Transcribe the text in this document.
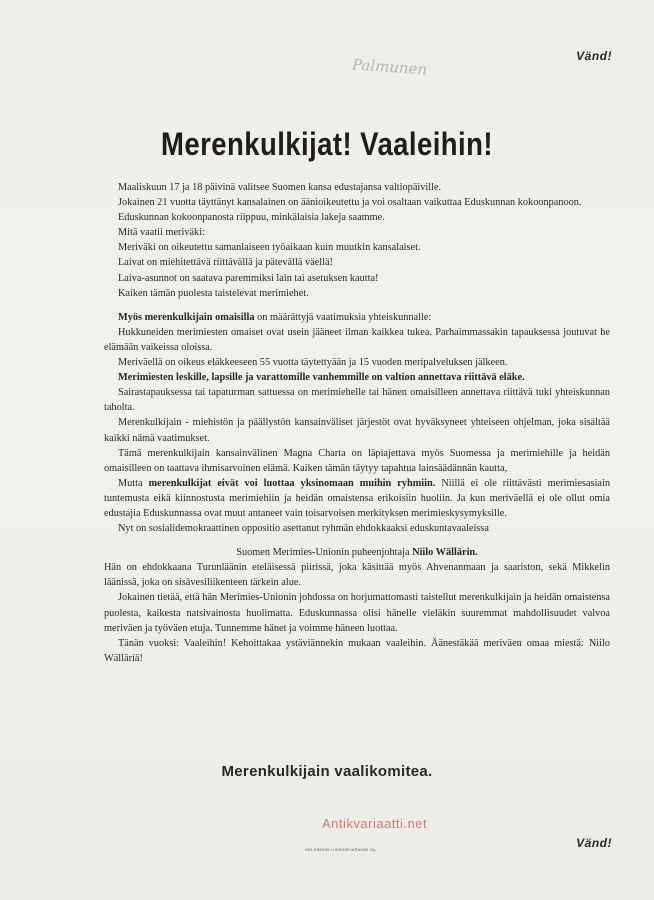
Vänd!
Palmunen
Merenkulkijat! Vaaleihin!

Maaliskuun 17 ja 18 päivinä valitsee Suomen kansa edustajansa valtiopäiville.

Jokainen 21 vuotta täyttänyt kansalainen on äänioikeutettu ja voi osaltaan vaikuttaa Eduskunnan kokoonpanoon.

Eduskunnan kokoonpanosta riippuu, minkälaisia lakeja saamme.

Mitä vaatii meriväki:

Meriväki on oikeutettu samanlaiseen työaikaan kuin muutkin kansalaiset.

Laivat on miehitettävä riittävällä ja pätevällä väellä!

Laiva-asunnot on saatava paremmiksi lain tai asetuksen kautta!

Kaiken tämän puolesta taistelevat merimiehet.

Myös merenkulkijain omaisilla on määrättyjä vaatimuksia yhteiskunnalle:

Hukkuneiden merimiesten omaiset ovat usein jääneet ilman kaikkea tukea. Parhaimmassakin tapauksessa joutuvat he elämään vaikeissa oloissa.

Meriväellä on oikeus eläkkeeseen 55 vuotta täytettyään ja 15 vuoden meripalveluksen jälkeen.

Merimiesten leskille, lapsille ja varattomille vanhemmille on valtion annettava riittävä eläke.

Sairastapauksessa tai tapaturman sattuessa on merimiehelle tai hänen omaisilleen annettava riittävä tuki yhteiskunnan taholta.

Merenkulkijain - miehistön ja päällystön kansainväliset järjestöt ovat hyväksyneet yhteiseen ohjelman, joka sisältää kaikki nämä vaatimukset.

Tämä merenkulkijain kansainvälinen Magna Charta on läpiajettava myös Suomessa ja merimiehille ja heidän omaisilleen on taattava ihmisarvoinen elämä. Kaiken tämän täytyy tapahtua lainsäädännän kautta,

Mutta merenkulkijat eivät voi luottaa yksinomaan muihin ryhmiin. Niillä ei ole riittävästi merimiesasiain tuntemusta eikä kiinnostusta merimiehiin ja heidän omaistensa erikoisiin huoliin. Ja kun meriväellä ei ole ollut omia edustajia Eduskunnassa ovat muut antaneet vain toisarvoisen merkityksen merimieskysymyksille.

Nyt on sosialidemokraattinen oppositio asettanut ryhmän ehdokkaaksi eduskuntavaaleissa

Suomen Merimies-Unionin puheenjohtaja Niilo Wällärin.

Hän on ehdokkaana Turunläänin eteläisessä piirissä, joka käsittää myös Ahvenanmaan ja saariston, sekä Mikkelin läänissä, joka on sisävesiliikenteen tärkein alue.

Jokainen tietää, että hän Merimies-Unionin johdossa on horjumattomasti taistellut merenkulkijain ja heidän omaistensa puolesta, kaikesta natsivainosta huolimatta. Eduskunnassa olisi hänelle vieläkin suuremmat mahdollisuudet valvoa meriväen ja työväen etuja. Tunnemme hänet ja voimme häneen luottaa.

Tänän vuoksi: Vaaleihin! Kehoittakaa ystäviännekin mukaan vaaleihin. Äänestäkää meriväen omaa miestä: Niilo Wälläriä!

Merenkulkijain vaalikomitea.
Antikvariaatti.net
HELSINGIN LIIKEKIRJAPAINO Oy	Vänd!
